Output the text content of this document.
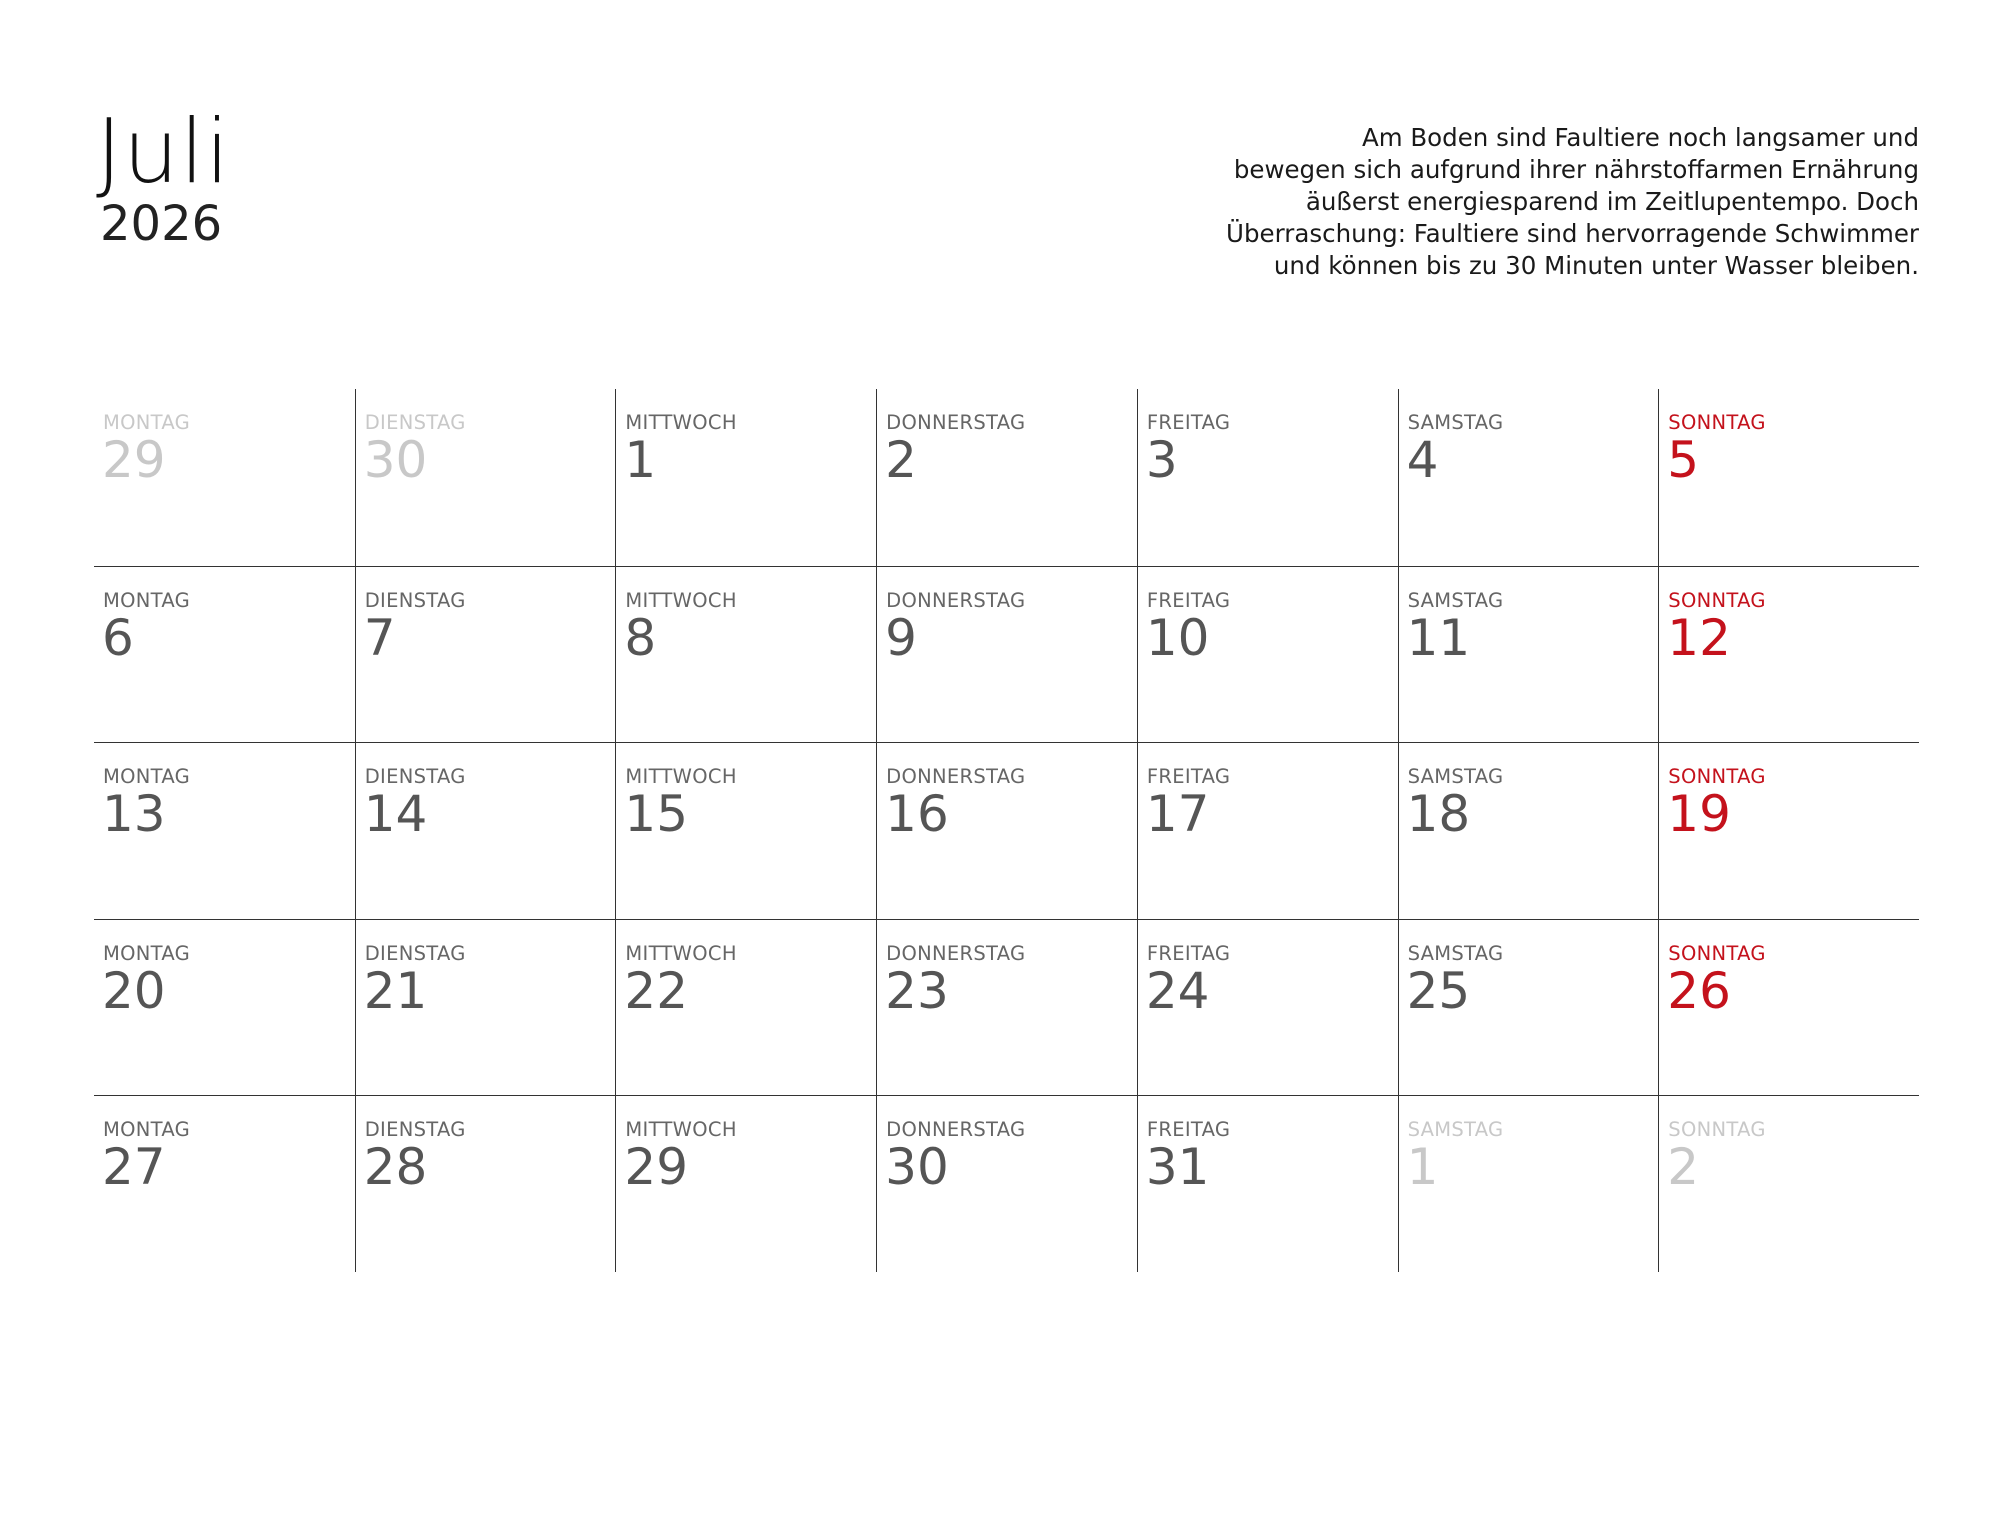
Juli
2026
Am Boden sind Faultiere noch langsamer und
bewegen sich aufgrund ihrer nährstoffarmen Ernährung
äußerst energiesparend im Zeitlupentempo. Doch
Überraschung: Faultiere sind hervorragende Schwimmer
und können bis zu 30 Minuten unter Wasser bleiben.
MONTAG
29
DIENSTAG
30
MITTWOCH
1
DONNERSTAG
2
FREITAG
3
SAMSTAG
4
SONNTAG
5
MONTAG
6
DIENSTAG
7
MITTWOCH
8
DONNERSTAG
9
FREITAG
10
SAMSTAG
11
SONNTAG
12
MONTAG
13
DIENSTAG
14
MITTWOCH
15
DONNERSTAG
16
FREITAG
17
SAMSTAG
18
SONNTAG
19
MONTAG
20
DIENSTAG
21
MITTWOCH
22
DONNERSTAG
23
FREITAG
24
SAMSTAG
25
SONNTAG
26
MONTAG
27
DIENSTAG
28
MITTWOCH
29
DONNERSTAG
30
FREITAG
31
SAMSTAG
1
SONNTAG
2
